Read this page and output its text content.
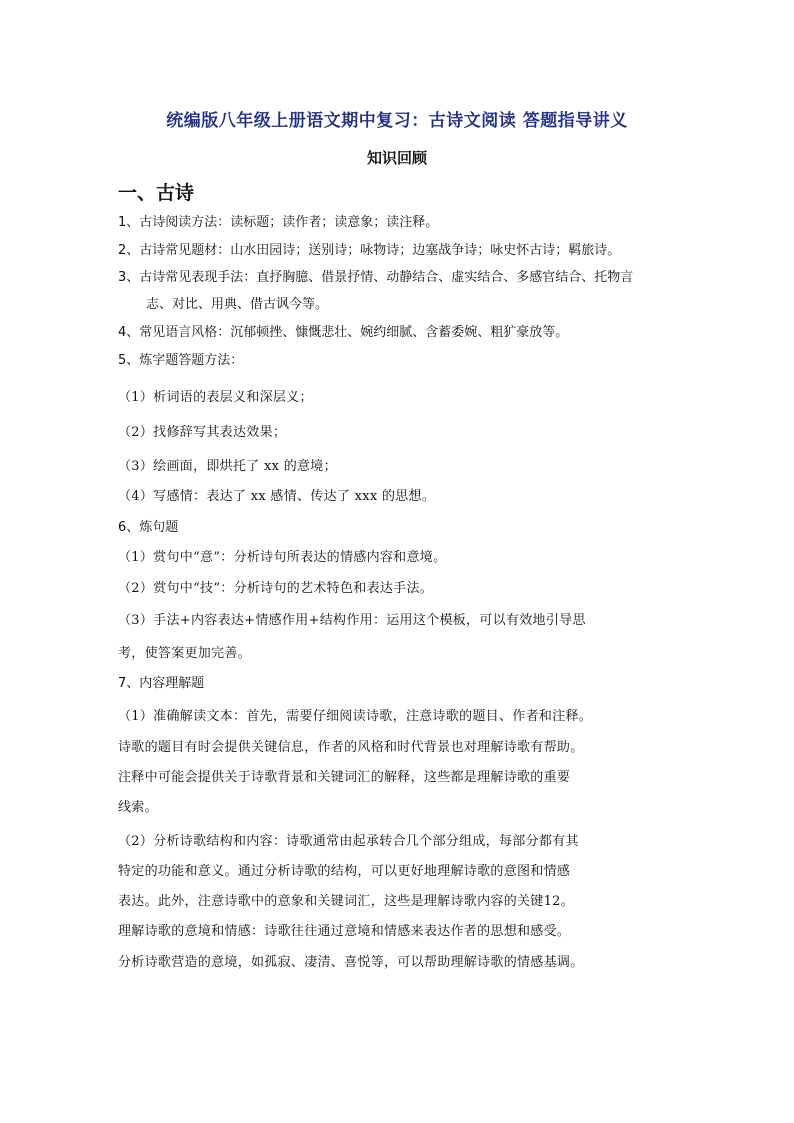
统编版八年级上册语文期中复习：古诗文阅读 答题指导讲义
知识回顾
一、古诗
1、古诗阅读方法：读标题；读作者；读意象；读注释。
2、古诗常见题材：山水田园诗；送别诗；咏物诗；边塞战争诗；咏史怀古诗；羁旅诗。
3、古诗常见表现手法：直抒胸臆、借景抒情、动静结合、虚实结合、多感官结合、托物言
志、对比、用典、借古讽今等。
4、常见语言风格：沉郁顿挫、慷慨悲壮、婉约细腻、含蓄委婉、粗犷豪放等。
5、炼字题答题方法：
（1）析词语的表层义和深层义；
（2）找修辞写其表达效果；
（3）绘画面，即烘托了 xx 的意境；
（4）写感情：表达了 xx 感情、传达了 xxx 的思想。
6、炼句题
（1）赏句中“意”：分析诗句所表达的情感内容和意境。
（2）赏句中“技”：分析诗句的艺术特色和表达手法。
（3）手法+内容表达+情感作用+结构作用：运用这个模板，可以有效地引导思
考，使答案更加完善。
7、内容理解题
（1）准确解读文本：首先，需要仔细阅读诗歌，注意诗歌的题目、作者和注释。
诗歌的题目有时会提供关键信息，作者的风格和时代背景也对理解诗歌有帮助。
注释中可能会提供关于诗歌背景和关键词汇的解释，这些都是理解诗歌的重要
线索。
（2）分析诗歌结构和内容：诗歌通常由起承转合几个部分组成，每部分都有其
特定的功能和意义。通过分析诗歌的结构，可以更好地理解诗歌的意图和情感
表达。此外，注意诗歌中的意象和关键词汇，这些是理解诗歌内容的关键12。
理解诗歌的意境和情感：诗歌往往通过意境和情感来表达作者的思想和感受。
分析诗歌营造的意境，如孤寂、凄清、喜悦等，可以帮助理解诗歌的情感基调。
